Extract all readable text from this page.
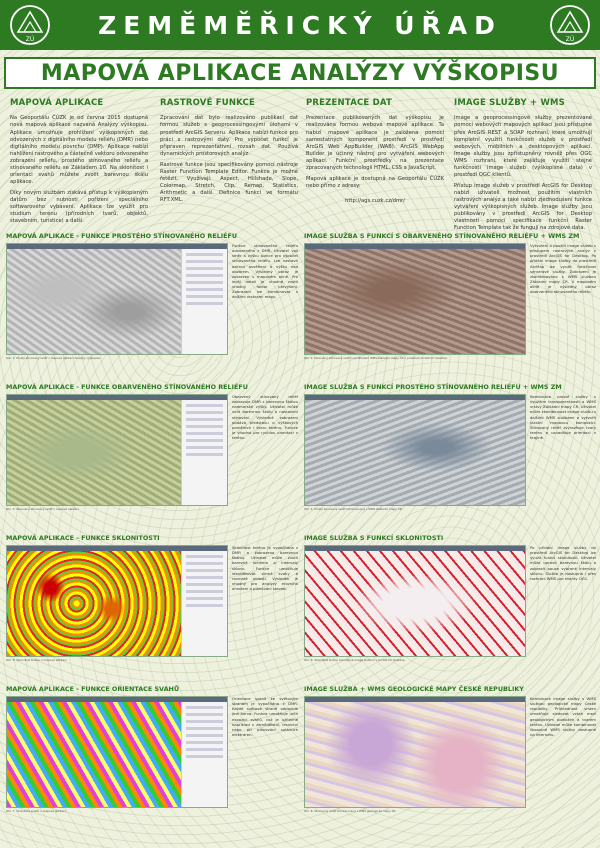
ZÚ	ZEMĚMĚŘICKÝ ÚŘAD	ZÚ
MAPOVÁ APLIKACE ANALÝZY VÝŠKOPISU
MAPOVÁ APLIKACE

Na Geoportálu ČÚZK je od června 2015 dostupná nová mapová aplikace nazvaná Analýzy výškopisu. Aplikace umožňuje prohlížení výškopisných dat odvozených z digitálního modelu reliéfu (DMR) nebo digitálního modelu povrchu (DMP). Aplikace nabízí nahlížení rastrového a částečně vektoru odvozeného zobrazení reliéfu, prostého stínovaného reliéfu a stínovaného reliéfu se Základem 10. Na sklonitost i orientaci svahů můžete zvolit barevnou škálu aplikace.

Díky novým službám získává přístup k výškopisným datům bez nutnosti pořízení speciálního softwarového vybavení. Aplikace lze využít pro studium terénu (přírodních tvarů, objektů, stavebním, turistice) a další.

RASTROVÉ FUNKCE

Zpracování dat bylo realizováno publikací dat formou služeb s geoprocessingovými úlohami v prostředí ArcGIS Serveru. Aplikace nabízí funkce pro práci s rastrovými daty. Pro výpočet funkcí je připraven reprezentativní rozsah dat. Používá dynamických prostorových analýz.

Rastrové funkce jsou specifikovány pomocí nástroje Raster Function Template Editor. Funkce je možné řetězit. Využívají: Aspect, Hillshade, Slope, Colormap, Stretch, Clip, Remap, Statistics, Arithmetic a další. Definice funkcí ve formátu RFT.XML.

PREZENTACE DAT

Prezentace publikovaných dat výškopisu je realizována formou webové mapové aplikace. Ta nabízí mapové aplikace je založena pomocí samostatných komponent prostředí v prostředí ArcGIS Web AppBuilder (WAB). ArcGIS WebApp Builder je účinný nástroj pro vytváření webových aplikací. Funkční prostředky na prezentace zpracovaných technologií HTML, CSS a JavaScript.

Mapová aplikace je dostupná na Geoportálu ČÚZK nebo přímo z adresy:

http://ags.cuzk.cz/dmr/

IMAGE SLUŽBY + WMS

Image a geoprocessingové služby prezentované pomocí webových mapových aplikací jsou přístupné přes ArcGIS REST a SOAP rozhraní, které umožňují kompletní využití funkčnosti služeb v prostředí webových, mobilních a desktopových aplikací. Image služby jsou zpřístupněny rovněž přes OGC WMS rozhraní, které zajišťuje využití stejné funkčnosti image služeb (výškopisné data) v prostředí OGC klientů.

Přístup image služeb v prostředí ArcGIS for Desktop nabízí uživateli možnost použitím vlastních rastrových analýz a také nabízí zjednodušení funkce vytváření výškopisných služeb. Image služby jsou publikovány v prostředí ArcGIS for Desktop vlastností pomocí specifikace funkční Raster Function Template tak že fungují na zdrojové data.

MAPOVÁ APLIKACE - FUNKCE PROSTÉHO STÍNOVANÉHO RELIÉFU
Funkce stínovaného reliéfu odvozeného z DMR. Uživatel volí směr a výšku slunce pro výpočet stínovaného reliéfu. Lze nastavit azimut osvětlení a výšku nad obzorem. Výsledný obraz je zobrazen v mapovém okně. Pro lepší detail je vhodné zvolit vhodný faktor převýšení. Zobrazení lze kombinovat s dalšími vrstvami mapy.
Obr. 1: Prostý stínovaný reliéf v mapové aplikaci Analýzy výškopisu.
IMAGE SLUŽBA S FUNKCÍ S OBARVENÉHO STÍNOVANÉHO RELIÉFU + WMS ZM
Vytvoření a použití image služeb s přístupem rastrových analýz v prostředí ArcGIS for Desktop. Po přidání image služby do prostředí ArcMap lze využít funkčnost serverové služby. Zobrazení je zkombinováno s WMS službou Základní mapy ČR. V mapovém okně je výsledný obraz obarveného stínovaného reliéfu.
Obr. 2: Obarvený stínovaný reliéf s podkladem WMS Základní mapy ČR v prostředí ArcGIS for Desktop.
MAPOVÁ APLIKACE - FUNKCE OBARVENÉHO STÍNOVANÉHO RELIÉFU
Obarvený stínovaný reliéf zobrazuje DMR s barevnou škálou nadmořské výšky. Uživatel může volit barevnou škálu a nastavení stínování. Výsledné zobrazení podává představu o výškových poměrech i tvaru terénu. Funkce je vhodná pro rychlou orientaci v terénu.
Obr. 3: Obarvený stínovaný reliéf v mapové aplikaci.
IMAGE SLUŽBA S FUNKCÍ PROSTÉHO STÍNOVANÉHO RELIÉFU + WMS ZM
Kombinace prosté služby s využitím transparentnosti a WMS vrstvy Základní mapy ČR. Uživatel může zkombinovat image službu s dalšími WMS službami a vytvořit vlastní mapovou kompozici. Stínovaný reliéf zvýrazňuje tvary terénu a usnadňuje orientaci v krajině.
Obr. 4: Prostý stínovaný reliéf kombinovaný s WMS Základní mapy ČR.
MAPOVÁ APLIKACE - FUNKCE SKLONITOSTI
Sklonitost terénu je vypočítána z DMR a zobrazena barevnou škálou. Uživatel může zvolit barevné schéma a intervaly sklonu. Funkce umožňuje identifikovat strmé svahy a rovinaté oblasti. Výsledek je vhodný pro analýzy erozního ohrožení a plánování staveb.
Obr. 5: Sklonitost terénu v mapové aplikaci.
IMAGE SLUŽBA S FUNKCÍ SKLONITOSTI
Po přidání image služby do prostředí ArcGIS for Desktop lze využít funkci sklonitosti. Uživatel může upravit barevnou škálu a zobrazit pouze vybrané intervaly sklonu. Služba je dostupná i přes rozhraní WMS pro klienty OGC.
Obr. 6: Sklonitost terénu zobrazená image službou v ArcGIS for Desktop.
MAPOVÁ APLIKACE - FUNKCE ORIENTACE SVAHŮ
Orientace svahů ke světovým stranám je vypočítána z DMR. Každé světové straně odpovídá jiná barva. Funkce umožňuje určit expozici svahů, což je užitečné například v zemědělství, lesnictví nebo při plánování solárních elektráren.
Obr. 7: Orientace svahů v mapové aplikaci.
IMAGE SLUŽBA + WMS GEOLOGICKÉ MAPY ČESKÉ REPUBLIKY
Kombinace image služby s WMS službou geologické mapy České republiky. Průhlednost vrstev umožňuje sledovat vztah mezi geologickým podložím a tvarem terénu. Uživatel může kombinovat libovolné WMS služby dostupné na internetu.
Obr. 8: Stínovaný reliéf kombinovaný s WMS geologické mapy ČR.
